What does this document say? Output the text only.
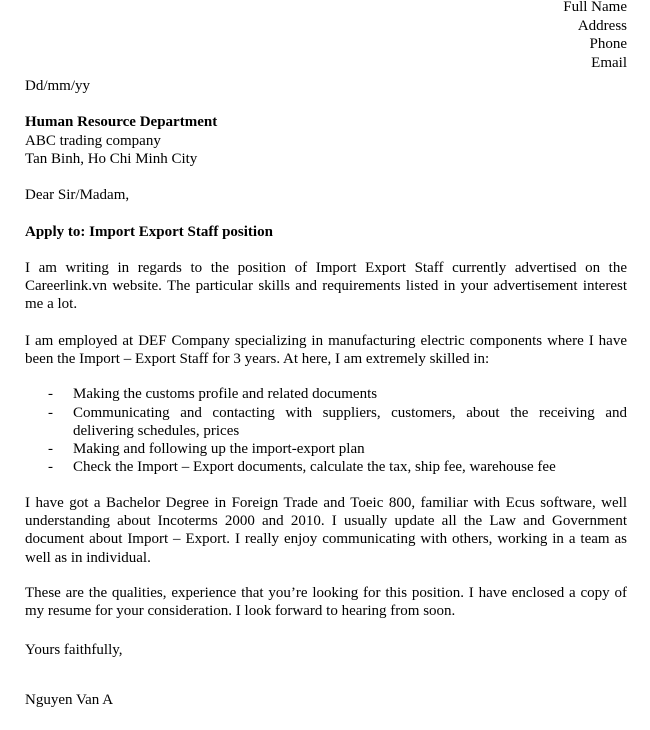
Full Name
Address
Phone
Email

Dd/mm/yy

Human Resource Department

ABC trading company

Tan Binh, Ho Chi Minh City

Dear Sir/Madam,

Apply to: Import Export Staff position

I am writing in regards to the position of Import Export Staff currently advertised on the Careerlink.vn website. The particular skills and requirements listed in your advertisement interest me a lot.

I am employed at DEF Company specializing in manufacturing electric components where I have been the Import – Export Staff for 3 years. At here, I am extremely skilled in:

- Making the customs profile and related documents
- Communicating and contacting with suppliers, customers, about the receiving and delivering schedules, prices
- Making and following up the import-export plan
- Check the Import – Export documents, calculate the tax, ship fee, warehouse fee

I have got a Bachelor Degree in Foreign Trade and Toeic 800, familiar with Ecus software, well understanding about Incoterms 2000 and 2010. I usually update all the Law and Government document about Import – Export. I really enjoy communicating with others, working in a team as well as in individual.

These are the qualities, experience that you’re looking for this position. I have enclosed a copy of my resume for your consideration. I look forward to hearing from soon.

Yours faithfully,

Nguyen Van A
